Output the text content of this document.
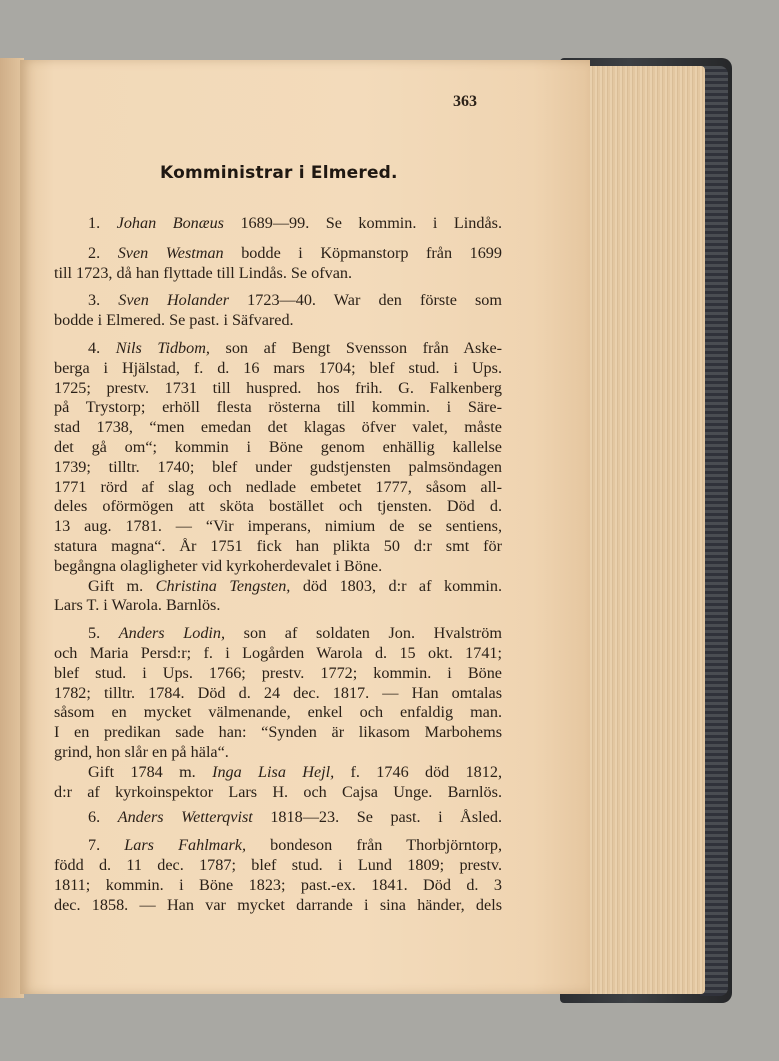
363
Komministrar i Elmered.
1. Johan Bonæus 1689—99. Se kommin. i Lindås.
2. Sven Westman bodde i Köpmanstorp från 1699
till 1723, då han flyttade till Lindås. Se ofvan.
3. Sven Holander 1723—40. War den förste som
bodde i Elmered. Se past. i Säfvared.
4. Nils Tidbom, son af Bengt Svensson från Aske-
berga i Hjälstad, f. d. 16 mars 1704; blef stud. i Ups.
1725; prestv. 1731 till huspred. hos frih. G. Falkenberg
på Trystorp; erhöll flesta rösterna till kommin. i Säre-
stad 1738, “men emedan det klagas öfver valet, måste
det gå om“; kommin i Böne genom enhällig kallelse
1739; tilltr. 1740; blef under gudstjensten palmsöndagen
1771 rörd af slag och nedlade embetet 1777, såsom all-
deles oförmögen att sköta bostället och tjensten. Död d.
13 aug. 1781. — “Vir imperans, nimium de se sentiens,
statura magna“. År 1751 fick han plikta 50 d:r smt för
begångna olagligheter vid kyrkoherdevalet i Böne.
Gift m. Christina Tengsten, död 1803, d:r af kommin.
Lars T. i Warola. Barnlös.
5. Anders Lodin, son af soldaten Jon. Hvalström
och Maria Persd:r; f. i Logården Warola d. 15 okt. 1741;
blef stud. i Ups. 1766; prestv. 1772; kommin. i Böne
1782; tilltr. 1784. Död d. 24 dec. 1817. — Han omtalas
såsom en mycket välmenande, enkel och enfaldig man.
I en predikan sade han: “Synden är likasom Marbohems
grind, hon slår en på häla“.
Gift 1784 m. Inga Lisa Hejl, f. 1746 död 1812,
d:r af kyrkoinspektor Lars H. och Cajsa Unge. Barnlös.
6. Anders Wetterqvist 1818—23. Se past. i Åsled.
7. Lars Fahlmark, bondeson från Thorbjörntorp,
född d. 11 dec. 1787; blef stud. i Lund 1809; prestv.
1811; kommin. i Böne 1823; past.-ex. 1841. Död d. 3
dec. 1858. — Han var mycket darrande i sina händer, dels
